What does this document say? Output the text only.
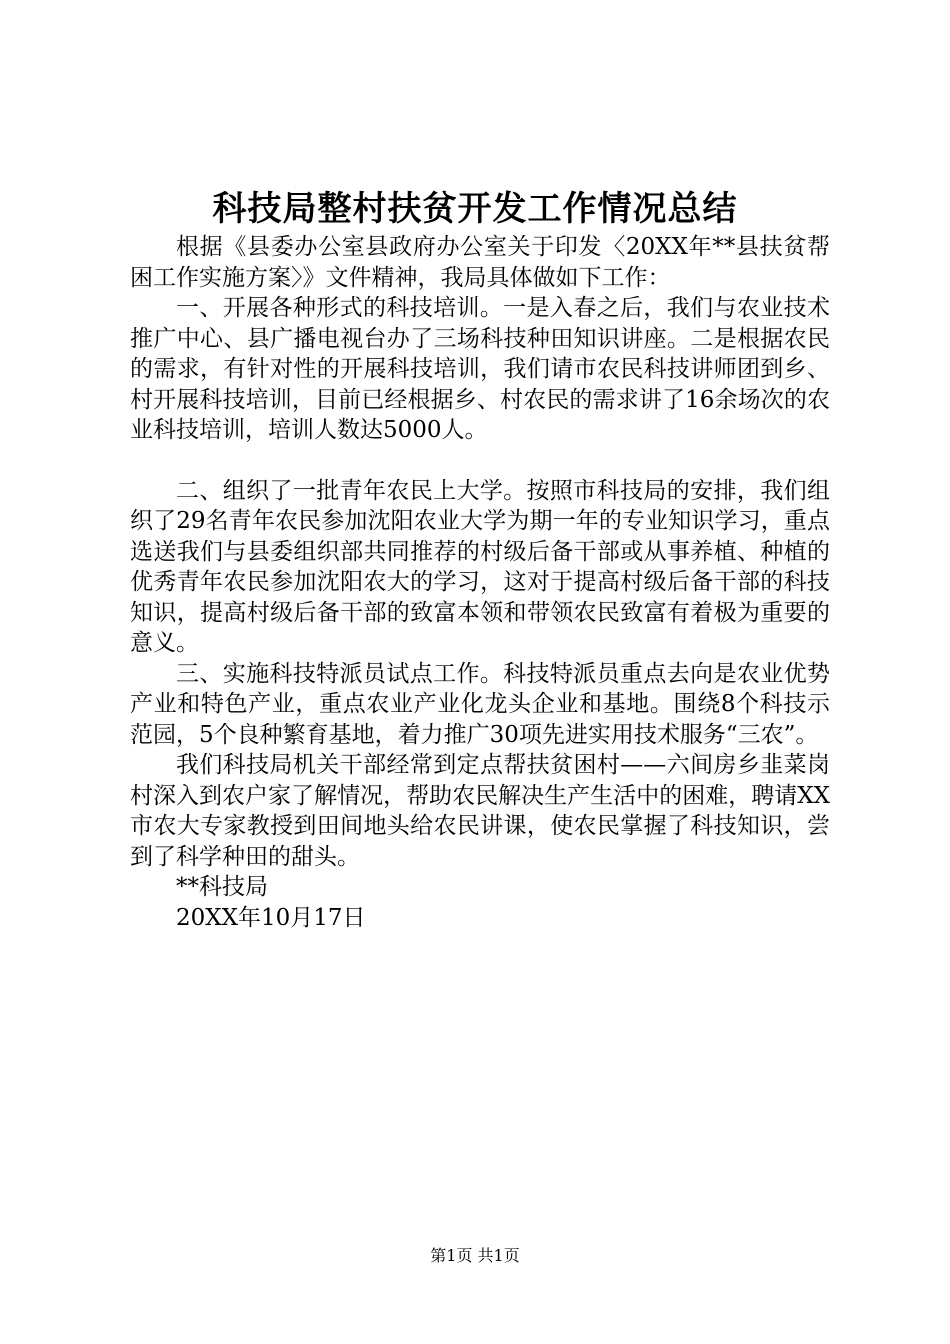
科技局整村扶贫开发工作情况总结

根据《县委办公室县政府办公室关于印发〈20XX年**县扶贫帮困工作实施方案〉》文件精神，我局具体做如下工作：

一、开展各种形式的科技培训。一是入春之后，我们与农业技术推广中心、县广播电视台办了三场科技种田知识讲座。二是根据农民的需求，有针对性的开展科技培训，我们请市农民科技讲师团到乡、村开展科技培训，目前已经根据乡、村农民的需求讲了16余场次的农业科技培训，培训人数达5000人。

二、组织了一批青年农民上大学。按照市科技局的安排，我们组织了29名青年农民参加沈阳农业大学为期一年的专业知识学习，重点选送我们与县委组织部共同推荐的村级后备干部或从事养植、种植的优秀青年农民参加沈阳农大的学习，这对于提高村级后备干部的科技知识，提高村级后备干部的致富本领和带领农民致富有着极为重要的意义。

三、实施科技特派员试点工作。科技特派员重点去向是农业优势产业和特色产业，重点农业产业化龙头企业和基地。围绕8个科技示范园，5个良种繁育基地，着力推广30项先进实用技术服务“三农”。

我们科技局机关干部经常到定点帮扶贫困村——六间房乡韭菜岗村深入到农户家了解情况，帮助农民解决生产生活中的困难，聘请XX市农大专家教授到田间地头给农民讲课，使农民掌握了科技知识，尝到了科学种田的甜头。

**科技局

20XX年10月17日

第1页 共1页
